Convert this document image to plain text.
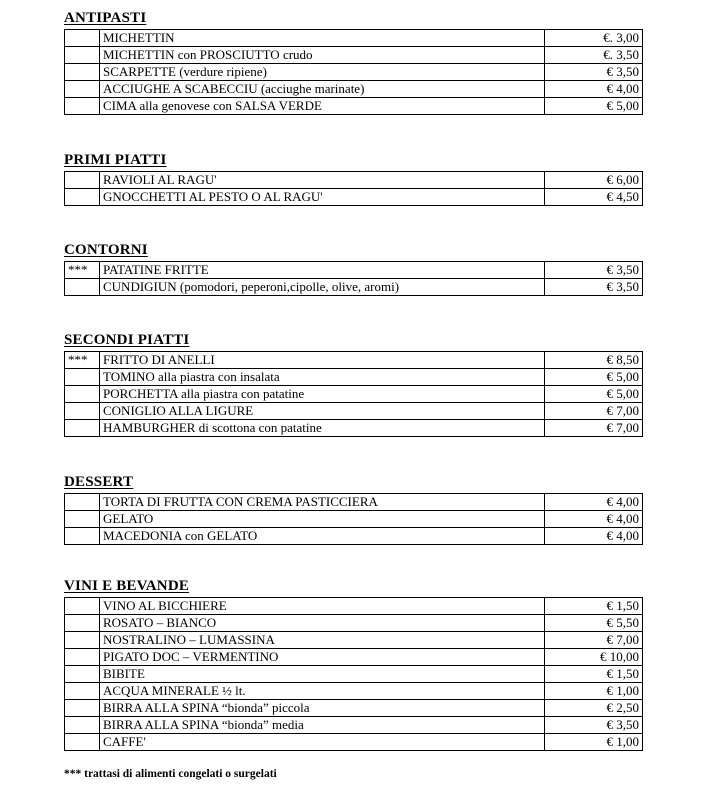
ANTIPASTI
	MICHETTIN	€. 3,00
	MICHETTIN con PROSCIUTTO crudo	€. 3,50
	SCARPETTE (verdure ripiene)	€ 3,50
	ACCIUGHE A SCABECCIU (acciughe marinate)	€ 4,00
	CIMA alla genovese con SALSA VERDE	€ 5,00
PRIMI PIATTI
	RAVIOLI AL RAGU'	€ 6,00
	GNOCCHETTI AL PESTO O AL RAGU'	€ 4,50
CONTORNI
***	PATATINE FRITTE	€ 3,50
	CUNDIGIUN (pomodori, peperoni,cipolle, olive, aromi)	€ 3,50
SECONDI PIATTI
***	FRITTO DI ANELLI	€ 8,50
	TOMINO alla piastra con insalata	€ 5,00
	PORCHETTA alla piastra con patatine	€ 5,00
	CONIGLIO ALLA LIGURE	€ 7,00
	HAMBURGHER di scottona con patatine	€ 7,00
DESSERT
	TORTA DI FRUTTA CON CREMA PASTICCIERA	€ 4,00
	GELATO	€ 4,00
	MACEDONIA con GELATO	€ 4,00
VINI E BEVANDE
	VINO AL BICCHIERE	€ 1,50
	ROSATO – BIANCO	€ 5,50
	NOSTRALINO – LUMASSINA	€ 7,00
	PIGATO DOC – VERMENTINO	€ 10,00
	BIBITE	€ 1,50
	ACQUA MINERALE ½ lt.	€ 1,00
	BIRRA ALLA SPINA “bionda” piccola	€ 2,50
	BIRRA ALLA SPINA “bionda” media	€ 3,50
	CAFFE'	€ 1,00
*** trattasi di alimenti congelati o surgelati
